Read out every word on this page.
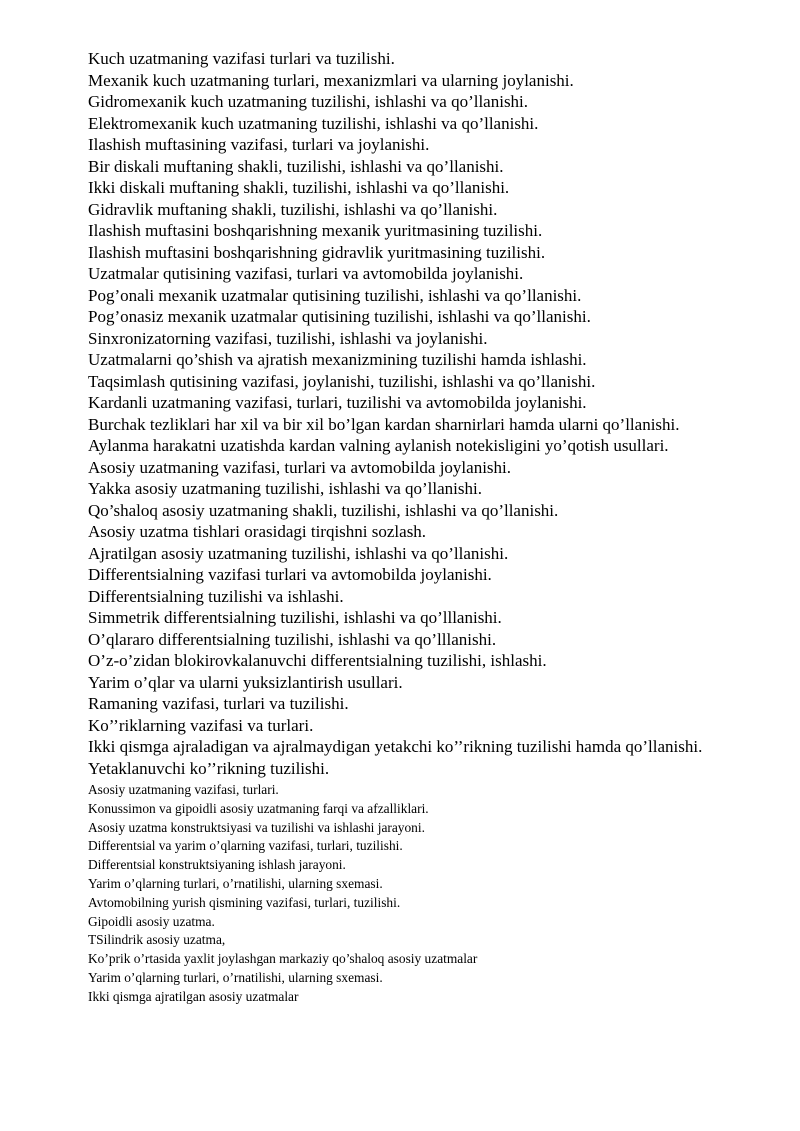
Kuch uzatmaning vazifasi turlari va tuzilishi.

Mexanik kuch uzatmaning turlari, mexanizmlari va ularning joylanishi.

Gidromexanik kuch uzatmaning tuzilishi, ishlashi va qo’llanishi.

Elektromexanik kuch uzatmaning tuzilishi, ishlashi va qo’llanishi.

Ilashish muftasining vazifasi, turlari va joylanishi.

Bir diskali muftaning shakli, tuzilishi, ishlashi va qo’llanishi.

Ikki diskali muftaning shakli, tuzilishi, ishlashi va qo’llanishi.

Gidravlik muftaning shakli, tuzilishi, ishlashi va qo’llanishi.

Ilashish muftasini boshqarishning mexanik yuritmasining tuzilishi.

Ilashish muftasini boshqarishning gidravlik yuritmasining tuzilishi.

Uzatmalar qutisining vazifasi, turlari va avtomobilda joylanishi.

Pog’onali mexanik uzatmalar qutisining tuzilishi, ishlashi va qo’llanishi.

Pog’onasiz mexanik uzatmalar qutisining tuzilishi, ishlashi va qo’llanishi.

Sinxronizatorning vazifasi, tuzilishi, ishlashi va joylanishi.

Uzatmalarni qo’shish va ajratish mexanizmining tuzilishi hamda ishlashi.

Taqsimlash qutisining vazifasi, joylanishi, tuzilishi, ishlashi va qo’llanishi.

Kardanli uzatmaning vazifasi, turlari, tuzilishi va avtomobilda joylanishi.

Burchak tezliklari har xil va bir xil bo’lgan kardan sharnirlari hamda ularni qo’llanishi.

Aylanma harakatni uzatishda kardan valning aylanish notekisligini yo’qotish usullari.

Asosiy uzatmaning vazifasi, turlari va avtomobilda joylanishi.

Yakka asosiy uzatmaning tuzilishi, ishlashi va qo’llanishi.

Qo’shaloq asosiy uzatmaning shakli, tuzilishi, ishlashi va qo’llanishi.

Asosiy uzatma tishlari orasidagi tirqishni sozlash.

Ajratilgan asosiy uzatmaning tuzilishi, ishlashi va qo’llanishi.

Differentsialning vazifasi turlari va avtomobilda joylanishi.

Differentsialning tuzilishi va ishlashi.

Simmetrik differentsialning tuzilishi, ishlashi va qo’lllanishi.

O’qlararo differentsialning tuzilishi, ishlashi va qo’lllanishi.

O’z-o’zidan blokirovkalanuvchi differentsialning tuzilishi, ishlashi.

Yarim o’qlar va ularni yuksizlantirish usullari.

Ramaning vazifasi, turlari va tuzilishi.

Ko’’riklarning vazifasi va turlari.

Ikki qismga ajraladigan va ajralmaydigan yetakchi ko’’rikning tuzilishi hamda qo’llanishi.

Yetaklanuvchi ko’’rikning tuzilishi.

Asosiy uzatmaning vazifasi, turlari.

Konussimon va gipoidli asosiy uzatmaning farqi va afzalliklari.

Asosiy uzatma konstruktsiyasi va tuzilishi va ishlashi jarayoni.

Differentsial va yarim o’qlarning vazifasi, turlari, tuzilishi.

Differentsial konstruktsiyaning ishlash jarayoni.

Yarim o’qlarning turlari, o’rnatilishi, ularning sxemasi.

Avtomobilning yurish qismining vazifasi, turlari, tuzilishi.

Gipoidli asosiy uzatma.

TSilindrik asosiy uzatma,

Ko’prik o’rtasida yaxlit joylashgan markaziy qo’shaloq asosiy uzatmalar

Yarim o’qlarning turlari, o’rnatilishi, ularning sxemasi.

Ikki qismga ajratilgan asosiy uzatmalar
